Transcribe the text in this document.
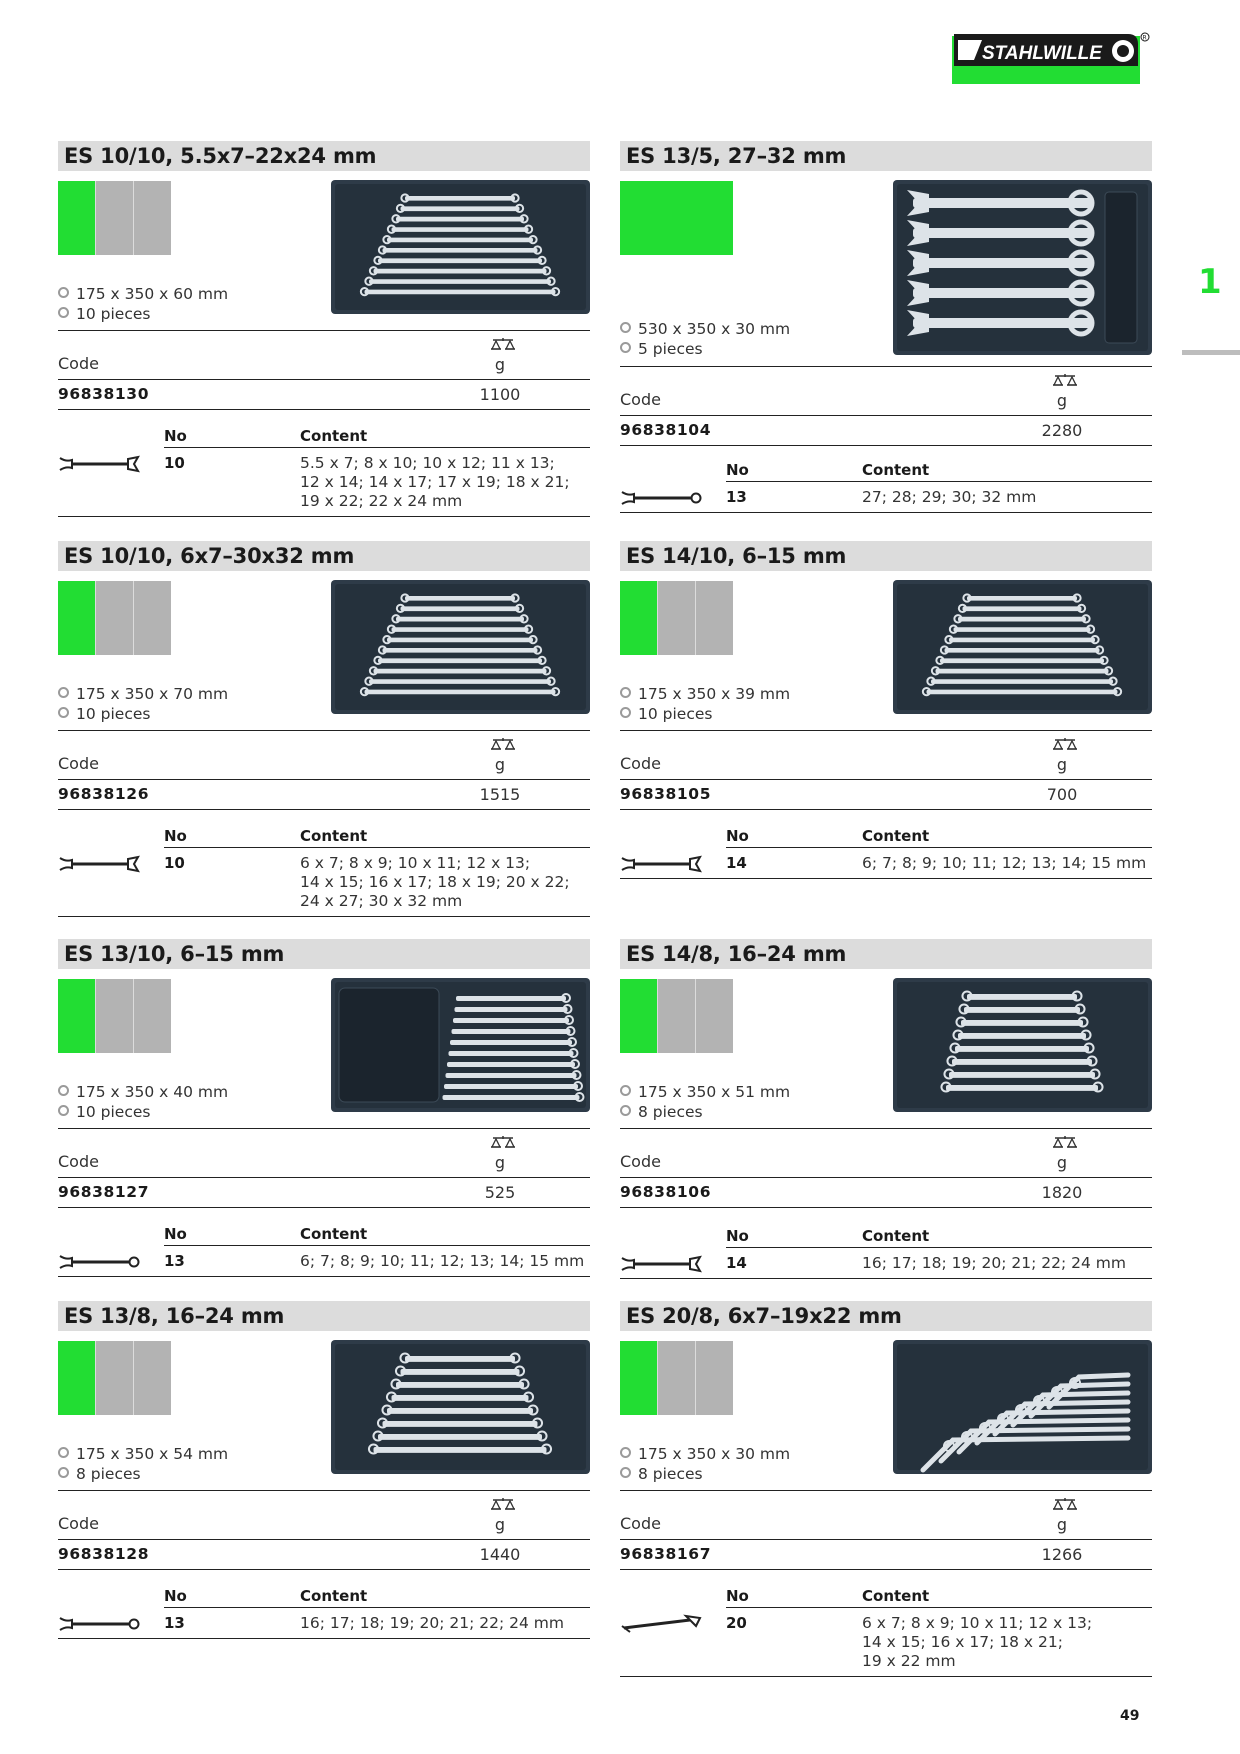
STAHLWILLE
R
1
49
ES 10/10, 5.5x7–22x24 mm
175 x 350 x 60 mm
10 pieces
Code	g
96838130	1100
No	Content
10	5.5 x 7; 8 x 10; 10 x 12; 11 x 13;
12 x 14; 14 x 17; 17 x 19; 18 x 21;
19 x 22; 22 x 24 mm
ES 13/5, 27–32 mm
530 x 350 x 30 mm
5 pieces
Code	g
96838104	2280
No	Content
13	27; 28; 29; 30; 32 mm
ES 10/10, 6x7–30x32 mm
175 x 350 x 70 mm
10 pieces
Code	g
96838126	1515
No	Content
10	6 x 7; 8 x 9; 10 x 11; 12 x 13;
14 x 15; 16 x 17; 18 x 19; 20 x 22;
24 x 27; 30 x 32 mm
ES 14/10, 6–15 mm
175 x 350 x 39 mm
10 pieces
Code	g
96838105	700
No	Content
14	6; 7; 8; 9; 10; 11; 12; 13; 14; 15 mm
ES 13/10, 6–15 mm
175 x 350 x 40 mm
10 pieces
Code	g
96838127	525
No	Content
13	6; 7; 8; 9; 10; 11; 12; 13; 14; 15 mm
ES 14/8, 16–24 mm
175 x 350 x 51 mm
8 pieces
Code	g
96838106	1820
No	Content
14	16; 17; 18; 19; 20; 21; 22; 24 mm
ES 13/8, 16–24 mm
175 x 350 x 54 mm
8 pieces
Code	g
96838128	1440
No	Content
13	16; 17; 18; 19; 20; 21; 22; 24 mm
ES 20/8, 6x7–19x22 mm
175 x 350 x 30 mm
8 pieces
Code	g
96838167	1266
No	Content
20	6 x 7; 8 x 9; 10 x 11; 12 x 13;
14 x 15; 16 x 17; 18 x 21;
19 x 22 mm
